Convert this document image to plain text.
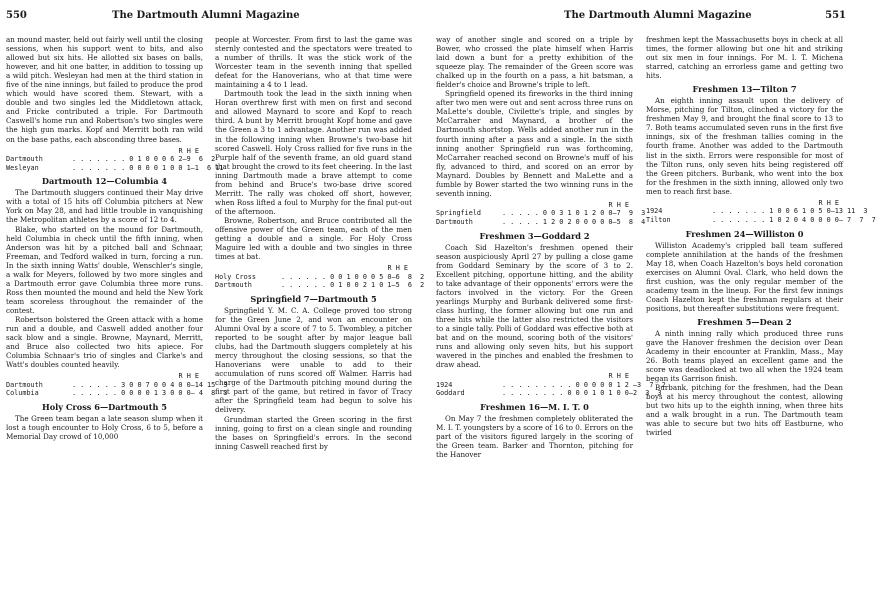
550	The Dartmouth Alumni Magazine

an mound master, held out fairly well until the closing sessions, when his support went to bits, and also allowed but six hits. He allotted six bases on balls, however, and hit one batter, in addition to tossing up a wild pitch. Wesleyan had men at the third station in five of the nine innings, but failed to produce the prod which would have scored them. Stewart, with a double and two singles led the Middletown attack, and Fricke contributed a triple. For Dartmouth Caswell's home run and Robertson's two singles were the high gun marks. Kopf and Merritt both ran wild on the base paths, each absconding three bases.

R H E
Dartmouth	. . . . . . . 0 1 0 0 0 6 2—9  6  2
Wesleyan	. . . . . . . 0 0 0 0 1 0 0 1—1  6 11
Dartmouth 12—Columbia 4

The Dartmouth sluggers continued their May drive with a total of 15 hits off Columbia pitchers at New York on May 28, and had little trouble in vanquishing the Metropolitan athletes by a score of 12 to 4.

Blake, who started on the mound for Dartmouth, held Columbia in check until the fifth inning, when Anderson was hit by a pitched ball and Schnaar, Freeman, and Tedford walked in turn, forcing a run. In the sixth inning Watts' double, Wenschler's single, a walk for Meyers, followed by two more singles and a Dartmouth error gave Columbia three more runs. Ross then mounted the mound and held the New York team scoreless throughout the remainder of the contest.

Robertson bolstered the Green attack with a home run and a double, and Caswell added another four sack blow and a single. Browne, Maynard, Merritt, and Bruce also collected two hits apiece. For Columbia Schnaar's trio of singles and Clarke's and Watt's doubles counted heavily.

R H E
Dartmouth	. . . . . . 3 0 0 7 0 0 4 0 0—14 15  3
Columbia	. . . . . . 0 0 0 0 1 3 0 0 0— 4  8  3
Holy Cross 6—Dartmouth 5

The Green team began a late season slump when it lost a tough encounter to Holy Cross, 6 to 5, before a Memorial Day crowd of 10,000

people at Worcester. From first to last the game was sternly contested and the spectators were treated to a number of thrills. It was the stick work of the Worcester team in the seventh inning that spelled defeat for the Hanoverians, who at that time were maintaining a 4 to 1 lead.

Dartmouth took the lead in the sixth inning when Horan overthrew first with men on first and second and allowed Maynard to score and Kopf to reach third. A bunt by Merritt brought Kopf home and gave the Green a 3 to 1 advantage. Another run was added in the following inning when Browne's two-base hit scored Caswell. Holy Cross rallied for five runs in the Purple half of the seventh frame, an old guard stand that brought the crowd to its feet cheering. In the last inning Dartmouth made a brave attempt to come from behind and Bruce's two-base drive scored Merritt. The rally was choked off short, however, when Ross lifted a foul to Murphy for the final put-out of the afternoon.

Browne, Robertson, and Bruce contributed all the offensive power of the Green team, each of the men getting a double and a single. For Holy Cross Maguire led with a double and two singles in three times at bat.

R H E
Holy Cross	. . . . . . 0 0 1 0 0 0 5 0—6  8  2
Dartmouth	. . . . . . 0 1 0 0 2 1 0 1—5  6  2
Springfield 7—Dartmouth 5

Springfield Y. M. C. A. College proved too strong for the Green June 2, and won an encounter on Alumni Oval by a score of 7 to 5. Twombley, a pitcher reported to be sought after by major league ball clubs, had the Dartmouth sluggers completely at his mercy throughout the closing sessions, so that the Hanoverians were unable to add to their accumulation of runs scored off Walmer. Harris had charge of the Dartmouth pitching mound during the first part of the game, but retired in favor of Tracy after the Springfield team had begun to solve his delivery.

Grundman started the Green scoring in the first inning, going to first on a clean single and rounding the bases on Springfield's errors. In the second inning Caswell reached first by

The Dartmouth Alumni Magazine	551

way of another single and scored on a triple by Bower, who crossed the plate himself when Harris laid down a bunt for a pretty exhibition of the squeeze play. The remainder of the Green score was chalked up in the fourth on a pass, a hit batsman, a fielder's choice and Browne's triple to left.

Springfield opened its fireworks in the third inning after two men were out and sent across three runs on MaLette's double, Civilette's triple, and singles by McCarraher and Maynard, a brother of the Dartmouth shortstop. Wells added another run in the fourth inning after a pass and a single. In the sixth inning another Springfield run was forthcoming, McCarraher reached second on Browne's muff of his fly, advanced to third, and scored on an error by Maynard. Doubles by Bennett and MaLette and a fumble by Bower started the two winning runs in the seventh inning.

R H E
Springfield	. . . . . 0 0 3 1 0 1 2 0 0—7  9  3
Dartmouth	. . . . . 1 2 0 2 0 0 0 0 0—5  8  4
Freshmen 3—Goddard 2

Coach Sid Hazelton's freshmen opened their season auspiciously April 27 by pulling a close game from Goddard Seminary by the score of 3 to 2. Excellent pitching, opportune hitting, and the ability to take advantage of their opponents' errors were the factors involved in the victory. For the Green yearlings Murphy and Burbank delivered some first-class hurling, the former allowing but one run and three hits while the latter also restricted the visitors to a single tally. Polli of Goddard was effective both at bat and on the mound, scoring both of the visitors' runs and allowing only seven hits, but his support wavered in the pinches and enabled the freshmen to draw ahead.

R H E
1924	. . . . . . . . . 0 0 0 0 0 1 2 —3  7  2
Goddard	. . . . . . . . 0 0 0 1 0 1 0 0—2  3  3
Freshmen 16—M. I. T. 0

On May 7 the freshmen completely obliterated the M. I. T. youngsters by a score of 16 to 0. Errors on the part of the visitors figured largely in the scoring of the Green team. Barker and Thornton, pitching for the Hanover

freshmen kept the Massachusetts boys in check at all times, the former allowing but one hit and striking out six men in four innings. For M. I. T. Michena starred, catching an errorless game and getting two hits.

Freshmen 13—Tilton 7

An eighth inning assault upon the delivery of Morse, pitching for Tilton, clinched a victory for the freshmen May 9, and brought the final score to 13 to 7. Both teams accumulated seven runs in the first five innings, six of the freshman tallies coming in the fourth frame. Another was added to the Dartmouth list in the sixth. Errors were responsible for most of the Tilton runs, only seven hits being registered off the Green pitchers. Burbank, who went into the box for the freshmen in the sixth inning, allowed only two men to reach first base.

R H E
1924	. . . . . . . 1 0 0 6 1 0 5 0—13 11  3
Tilton	. . . . . . . 1 0 2 0 4 0 0 0 0— 7  7  7
Freshmen 24—Williston 0

Williston Academy's crippled ball team suffered complete annihilation at the hands of the freshmen May 18, when Coach Hazelton's boys held coronation exercises on Alumni Oval. Clark, who held down the first cushion, was the only regular member of the academy team in the lineup. For the first few innings Coach Hazelton kept the freshman regulars at their positions, but thereafter substitutions were frequent.

Freshmen 5—Dean 2

A ninth inning rally which produced three runs gave the Hanover freshmen the decision over Dean Academy in their encounter at Franklin, Mass., May 26. Both teams played an excellent game and the score was deadlocked at two all when the 1924 team began its Garrison finish.

Burbank, pitching for the freshmen, had the Dean boys at his mercy throughout the contest, allowing but two hits up to the eighth inning, when three hits and a walk brought in a run. The Dartmouth team was able to secure but two hits off Eastburne, who twirled
